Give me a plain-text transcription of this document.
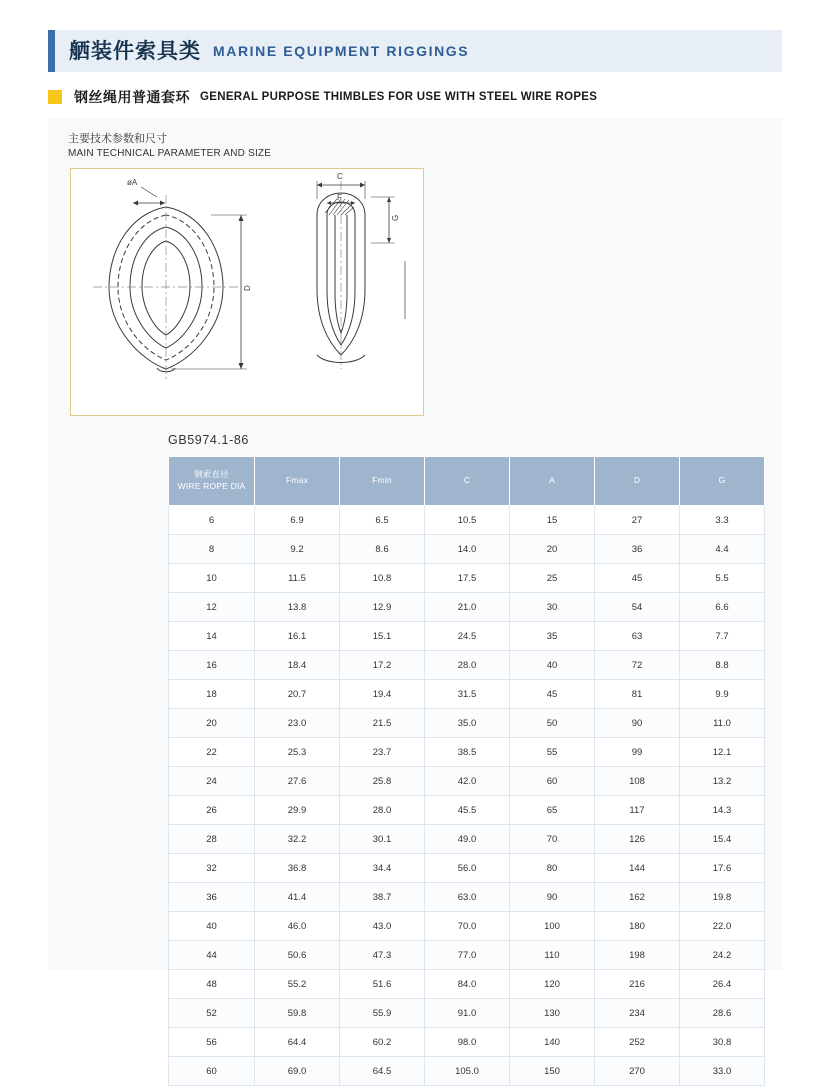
舾装件索具类 MARINE EQUIPMENT RIGGINGS
钢丝绳用普通套环 GENERAL PURPOSE THIMBLES FOR USE WITH STEEL WIRE ROPES
主要技术参数和尺寸
MAIN TECHNICAL PARAMETER AND SIZE
øA
D
C
F
G
GB5974.1-86
钢索直径
WIRE ROPE DIA	Fmax	Fmin	C	A	D	G

6	6.9	6.5	10.5	15	27	3.3
8	9.2	8.6	14.0	20	36	4.4
10	11.5	10.8	17.5	25	45	5.5
12	13.8	12.9	21.0	30	54	6.6
14	16.1	15.1	24.5	35	63	7.7
16	18.4	17.2	28.0	40	72	8.8
18	20.7	19.4	31.5	45	81	9.9
20	23.0	21.5	35.0	50	90	11.0
22	25.3	23.7	38.5	55	99	12.1
24	27.6	25.8	42.0	60	108	13.2
26	29.9	28.0	45.5	65	117	14.3
28	32.2	30.1	49.0	70	126	15.4
32	36.8	34.4	56.0	80	144	17.6
36	41.4	38.7	63.0	90	162	19.8
40	46.0	43.0	70.0	100	180	22.0
44	50.6	47.3	77.0	110	198	24.2
48	55.2	51.6	84.0	120	216	26.4
52	59.8	55.9	91.0	130	234	28.6
56	64.4	60.2	98.0	140	252	30.8
60	69.0	64.5	105.0	150	270	33.0
